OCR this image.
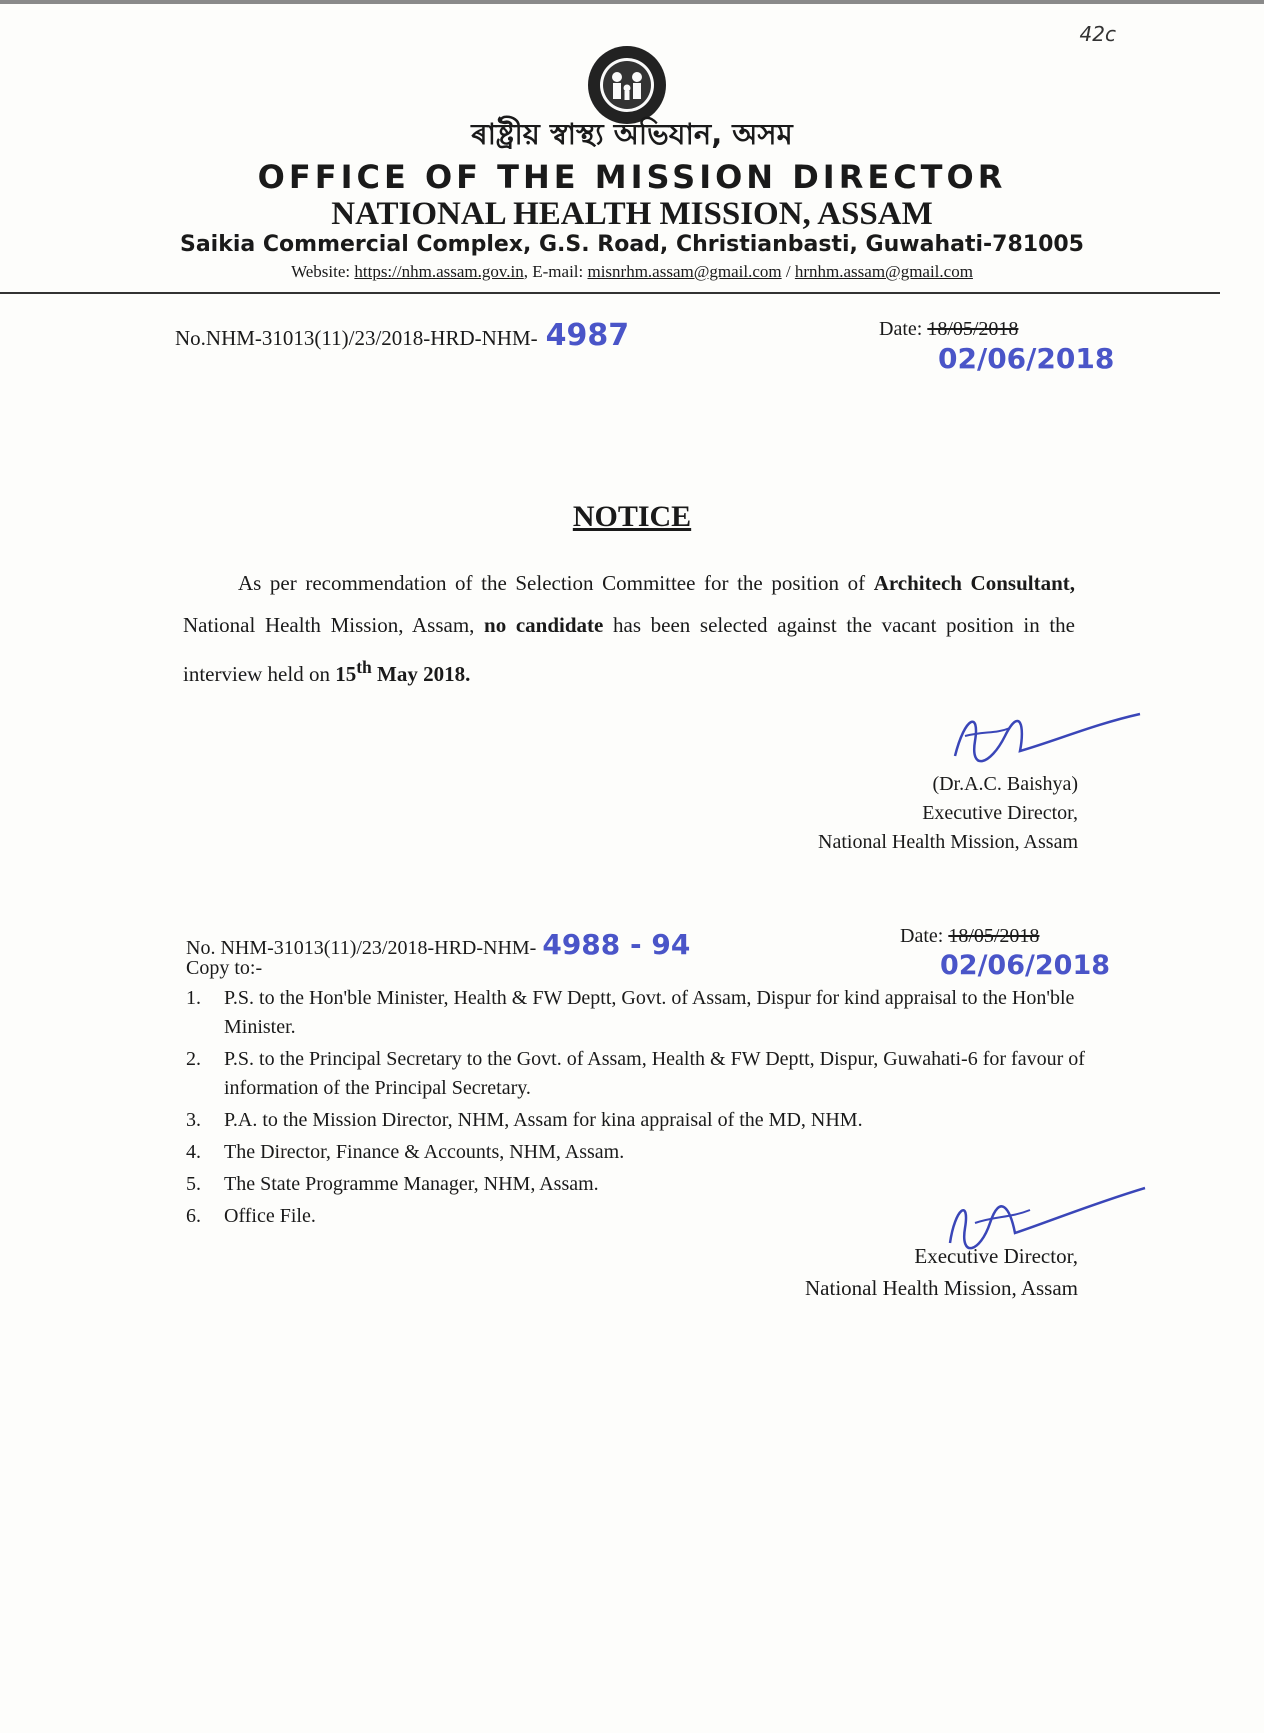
42c
ৰাষ্ট্ৰীয় স্বাস্থ্য অভিযান, অসম
OFFICE OF THE MISSION DIRECTOR
NATIONAL HEALTH MISSION, ASSAM
Saikia Commercial Complex, G.S. Road, Christianbasti, Guwahati-781005
Website: https://nhm.assam.gov.in, E-mail: misnrhm.assam@gmail.com / hrnhm.assam@gmail.com
No.NHM-31013(11)/23/2018-HRD-NHM- 4987	Date: 18/05/2018
02/06/2018
NOTICE
As per recommendation of the Selection Committee for the position of Architech Consultant, National Health Mission, Assam, no candidate has been selected against the vacant position in the interview held on 15th May 2018.
(Dr.A.C. Baishya)
Executive Director,
National Health Mission, Assam
No. NHM-31013(11)/23/2018-HRD-NHM- 4988 - 94	Date: 18/05/2018
02/06/2018
Copy to:-
1. P.S. to the Hon'ble Minister, Health & FW Deptt, Govt. of Assam, Dispur for kind appraisal to the Hon'ble Minister.
2. P.S. to the Principal Secretary to the Govt. of Assam, Health & FW Deptt, Dispur, Guwahati-6 for favour of information of the Principal Secretary.
3. P.A. to the Mission Director, NHM, Assam for kina appraisal of the MD, NHM.
4. The Director, Finance & Accounts, NHM, Assam.
5. The State Programme Manager, NHM, Assam.
6. Office File.
Executive Director,
National Health Mission, Assam
